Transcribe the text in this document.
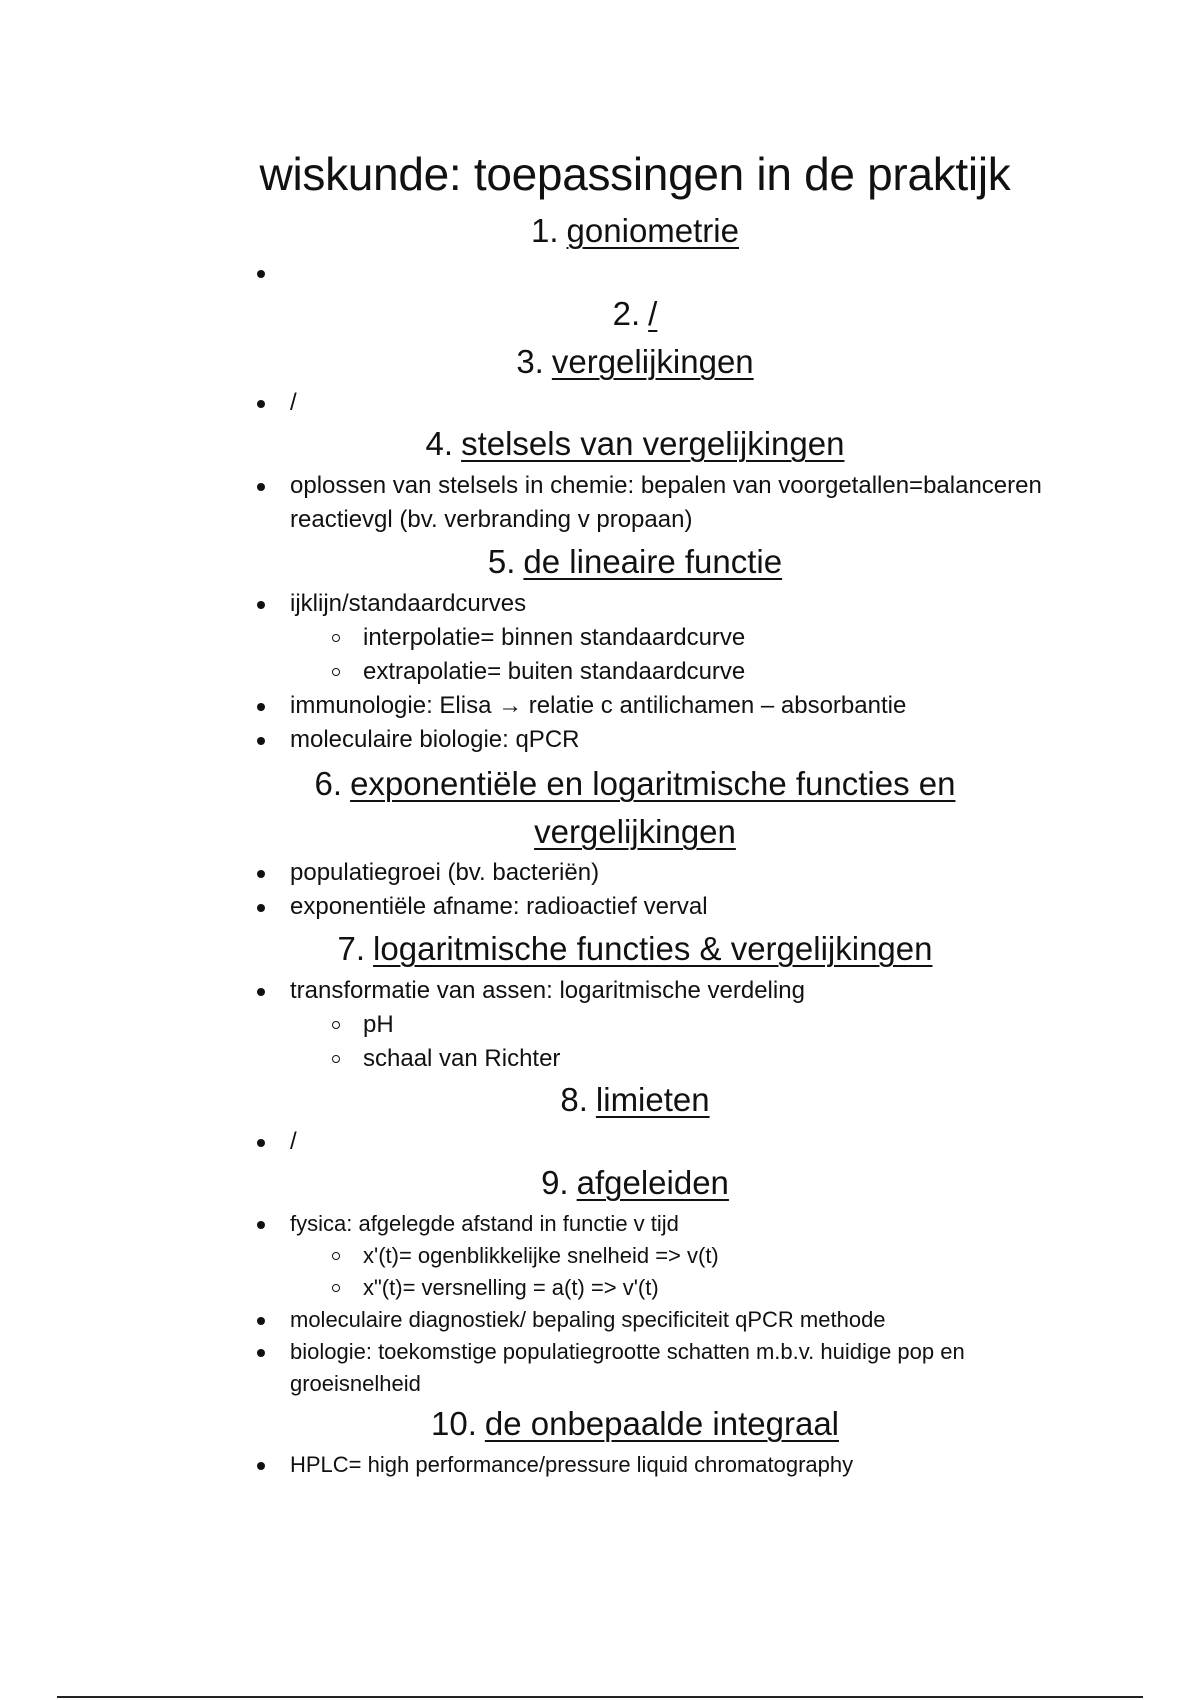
wiskunde: toepassingen in de praktijk
1. goniometrie

2. /
3. vergelijkingen
/
4. stelsels van vergelijkingen
oplossen van stelsels in chemie: bepalen van voorgetallen=balanceren reactievgl (bv. verbranding v propaan)
5. de lineaire functie
ijklijn/standaardcurves
interpolatie= binnen standaardcurve
extrapolatie= buiten standaardcurve
immunologie: Elisa → relatie c antilichamen – absorbantie
moleculaire biologie: qPCR
6. exponentiële en logaritmische functies en
vergelijkingen
populatiegroei (bv. bacteriën)
exponentiële afname: radioactief verval
7. logaritmische functies & vergelijkingen
transformatie van assen: logaritmische verdeling
pH
schaal van Richter
8. limieten
/
9. afgeleiden
fysica: afgelegde afstand in functie v tijd
x'(t)= ogenblikkelijke snelheid => v(t)
x"(t)= versnelling = a(t) => v'(t)
moleculaire diagnostiek/ bepaling specificiteit qPCR methode
biologie: toekomstige populatiegrootte schatten m.b.v. huidige pop en groeisnelheid
10. de onbepaalde integraal
HPLC= high performance/pressure liquid chromatography
